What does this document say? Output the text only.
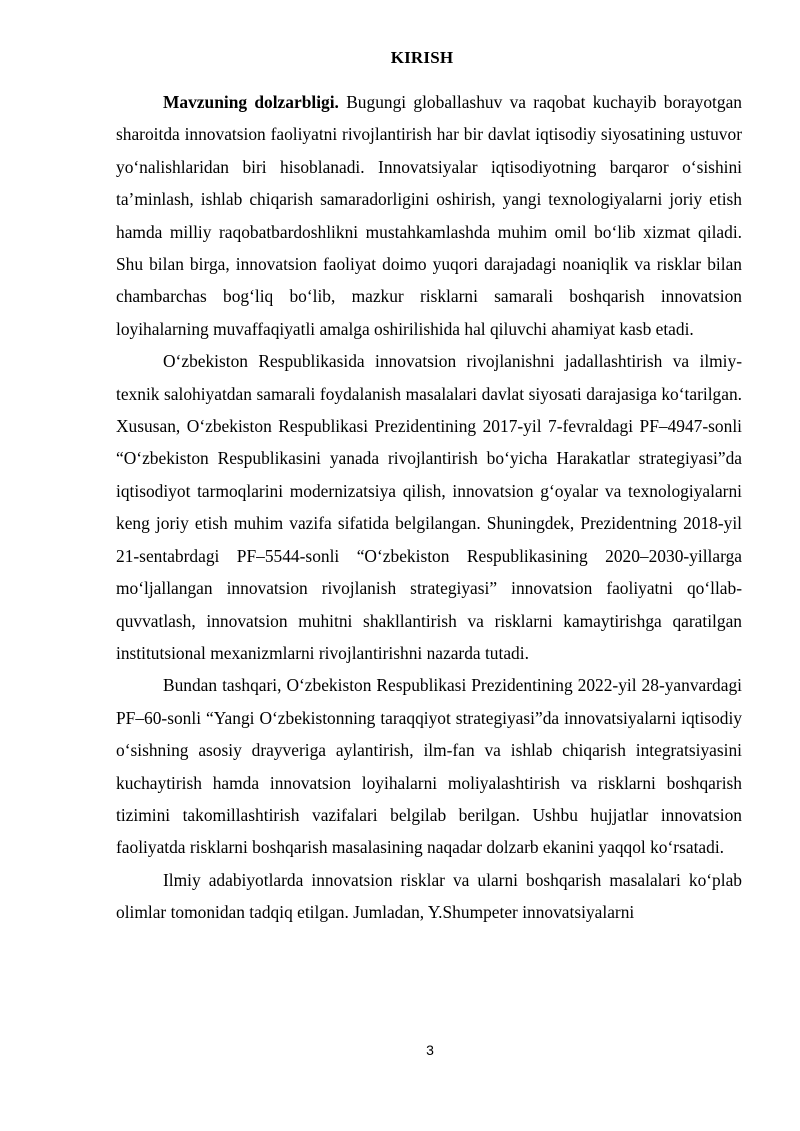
KIRISH

Mavzuning dolzarbligi. Bugungi globallashuv va raqobat kuchayib borayotgan sharoitda innovatsion faoliyatni rivojlantirish har bir davlat iqtisodiy siyosatining ustuvor yo‘nalishlaridan biri hisoblanadi. Innovatsiyalar iqtisodiyotning barqaror o‘sishini ta’minlash, ishlab chiqarish samaradorligini oshirish, yangi texnologiyalarni joriy etish hamda milliy raqobatbardoshlikni mustahkamlashda muhim omil bo‘lib xizmat qiladi. Shu bilan birga, innovatsion faoliyat doimo yuqori darajadagi noaniqlik va risklar bilan chambarchas bog‘liq bo‘lib, mazkur risklarni samarali boshqarish innovatsion loyihalarning muvaffaqiyatli amalga oshirilishida hal qiluvchi ahamiyat kasb etadi.

O‘zbekiston Respublikasida innovatsion rivojlanishni jadallashtirish va ilmiy-texnik salohiyatdan samarali foydalanish masalalari davlat siyosati darajasiga ko‘tarilgan. Xususan, O‘zbekiston Respublikasi Prezidentining 2017-yil 7-fevraldagi PF–4947-sonli “O‘zbekiston Respublikasini yanada rivojlantirish bo‘yicha Harakatlar strategiyasi”da iqtisodiyot tarmoqlarini modernizatsiya qilish, innovatsion g‘oyalar va texnologiyalarni keng joriy etish muhim vazifa sifatida belgilangan. Shuningdek, Prezidentning 2018-yil 21-sentabrdagi PF–5544-sonli “O‘zbekiston Respublikasining 2020–2030-yillarga mo‘ljallangan innovatsion rivojlanish strategiyasi” innovatsion faoliyatni qo‘llab-quvvatlash, innovatsion muhitni shakllantirish va risklarni kamaytirishga qaratilgan institutsional mexanizmlarni rivojlantirishni nazarda tutadi.

Bundan tashqari, O‘zbekiston Respublikasi Prezidentining 2022-yil 28-yanvardagi PF–60-sonli “Yangi O‘zbekistonning taraqqiyot strategiyasi”da innovatsiyalarni iqtisodiy o‘sishning asosiy drayveriga aylantirish, ilm-fan va ishlab chiqarish integratsiyasini kuchaytirish hamda innovatsion loyihalarni moliyalashtirish va risklarni boshqarish tizimini takomillashtirish vazifalari belgilab berilgan. Ushbu hujjatlar innovatsion faoliyatda risklarni boshqarish masalasining naqadar dolzarb ekanini yaqqol ko‘rsatadi.

Ilmiy adabiyotlarda innovatsion risklar va ularni boshqarish masalalari ko‘plab olimlar tomonidan tadqiq etilgan. Jumladan, Y.Shumpeter innovatsiyalarni

3
